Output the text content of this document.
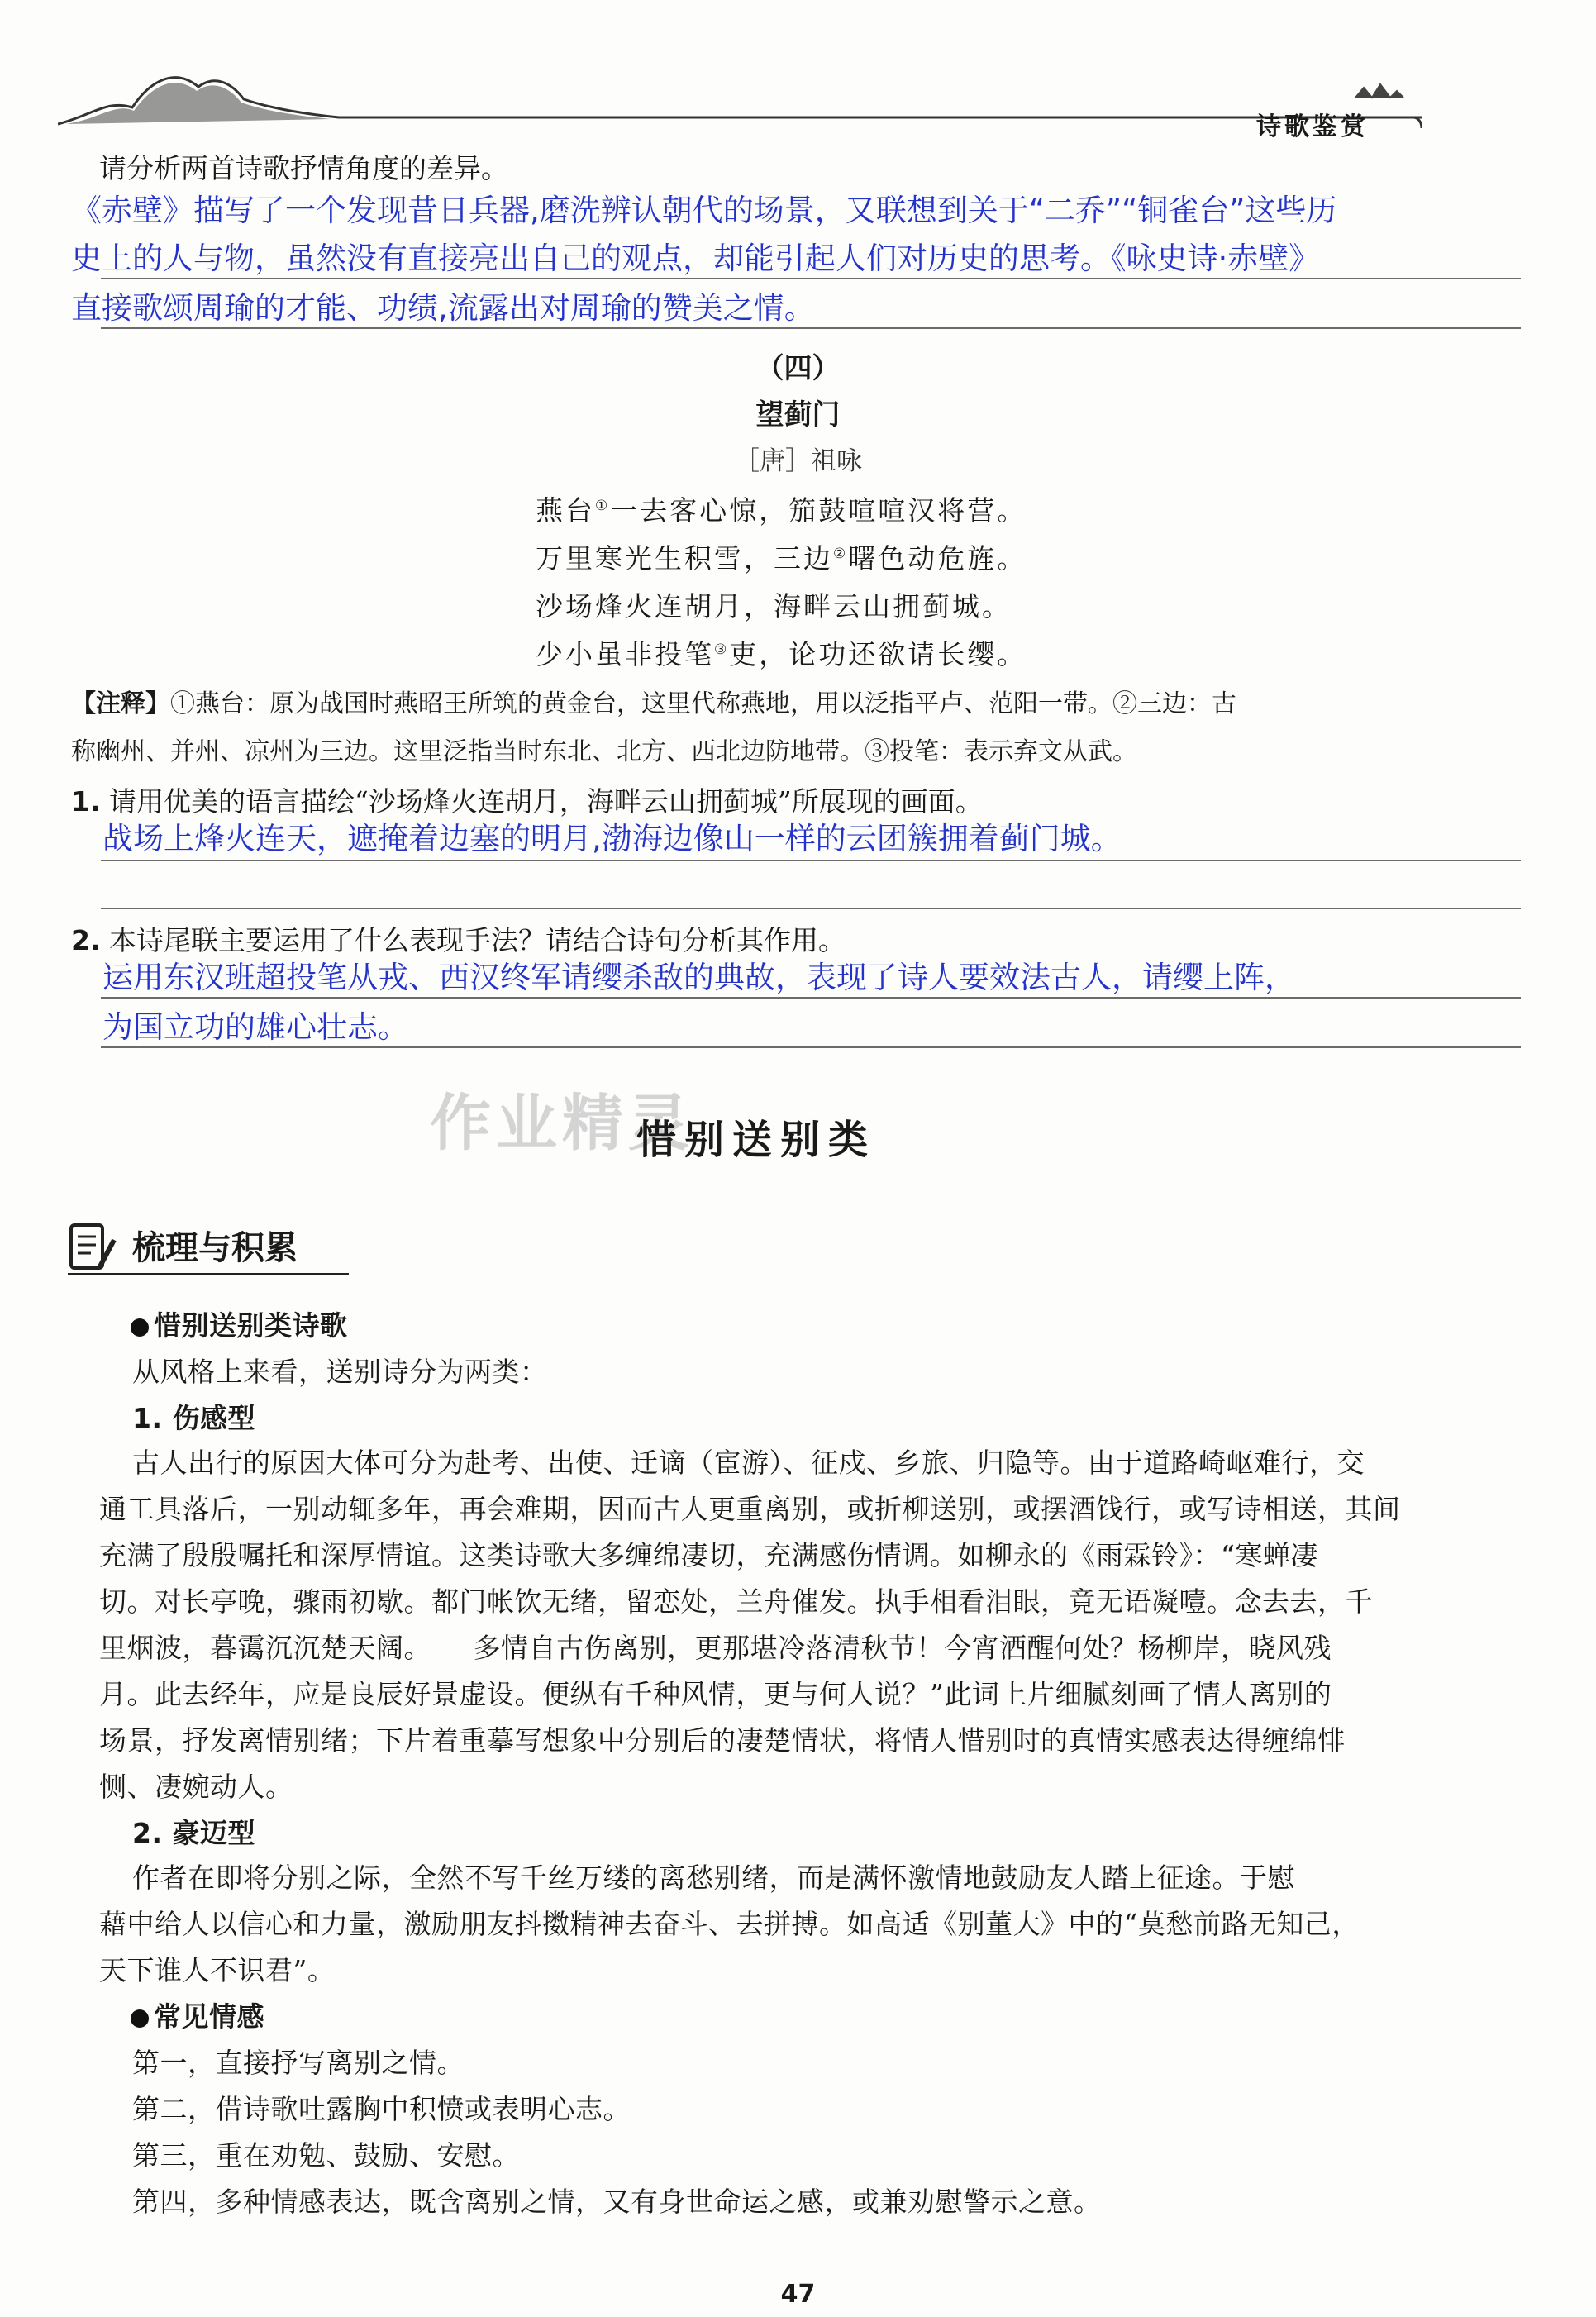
诗歌鉴赏
请分析两首诗歌抒情角度的差异。
《赤壁》描写了一个发现昔日兵器,磨洗辨认朝代的场景，又联想到关于“二乔”“铜雀台”这些历
史上的人与物，虽然没有直接亮出自己的观点，却能引起人们对历史的思考。《咏史诗·赤壁》
直接歌颂周瑜的才能、功绩,流露出对周瑜的赞美之情。
（四）
望蓟门
［唐］祖咏
燕台①一去客心惊，笳鼓喧喧汉将营。
万里寒光生积雪，三边②曙色动危旌。
沙场烽火连胡月，海畔云山拥蓟城。
少小虽非投笔③吏，论功还欲请长缨。
【注释】①燕台：原为战国时燕昭王所筑的黄金台，这里代称燕地，用以泛指平卢、范阳一带。②三边：古
称幽州、并州、凉州为三边。这里泛指当时东北、北方、西北边防地带。③投笔：表示弃文从武。
1. 请用优美的语言描绘“沙场烽火连胡月，海畔云山拥蓟城”所展现的画面。
战场上烽火连天，遮掩着边塞的明月,渤海边像山一样的云团簇拥着蓟门城。
2. 本诗尾联主要运用了什么表现手法？请结合诗句分析其作用。
运用东汉班超投笔从戎、西汉终军请缨杀敌的典故，表现了诗人要效法古人，请缨上阵，
为国立功的雄心壮志。
作业精灵
惜别送别类
梳理与积累
惜别送别类诗歌
从风格上来看，送别诗分为两类：
1. 伤感型
古人出行的原因大体可分为赴考、出使、迁谪（宦游）、征戍、乡旅、归隐等。由于道路崎岖难行，交
通工具落后，一别动辄多年，再会难期，因而古人更重离别，或折柳送别，或摆酒饯行，或写诗相送，其间
充满了殷殷嘱托和深厚情谊。这类诗歌大多缠绵凄切，充满感伤情调。如柳永的《雨霖铃》：“寒蝉凄
切。对长亭晚，骤雨初歇。都门帐饮无绪，留恋处，兰舟催发。执手相看泪眼，竟无语凝噎。念去去，千
里烟波，暮霭沉沉楚天阔。　　多情自古伤离别，更那堪冷落清秋节！今宵酒醒何处？杨柳岸，晓风残
月。此去经年，应是良辰好景虚设。便纵有千种风情，更与何人说？”此词上片细腻刻画了情人离别的
场景，抒发离情别绪；下片着重摹写想象中分别后的凄楚情状，将情人惜别时的真情实感表达得缠绵悱
恻、凄婉动人。
2. 豪迈型
作者在即将分别之际，全然不写千丝万缕的离愁别绪，而是满怀激情地鼓励友人踏上征途。于慰
藉中给人以信心和力量，激励朋友抖擞精神去奋斗、去拼搏。如高适《别董大》中的“莫愁前路无知己，
天下谁人不识君”。
常见情感
第一，直接抒写离别之情。
第二，借诗歌吐露胸中积愤或表明心志。
第三，重在劝勉、鼓励、安慰。
第四，多种情感表达，既含离别之情，又有身世命运之感，或兼劝慰警示之意。
47
